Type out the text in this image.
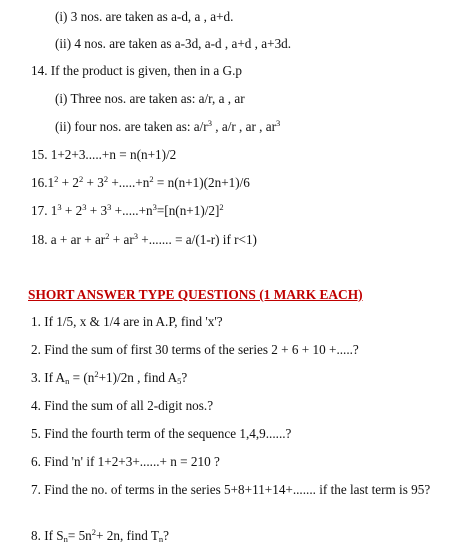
(i) 3 nos. are taken as a-d, a , a+d.
(ii) 4 nos. are taken as a-3d, a-d , a+d , a+3d.
14. If the product is given, then in a G.p
(i) Three nos. are taken as: a/r, a , ar
(ii) four nos. are taken as: $a/r^3$ , a/r , ar , $ar^3$
15. 1+2+3.....+n = n(n+1)/2
$16.1^2 + 2^2 + 3^2 +.....+n^2 = n(n+1)(2n+1)/6$
17. $1^3 + 2^3 + 3^3 +.....+n^3=[n(n+1)/2]^2$
18. a + ar + $ar^2 + ar^3$ +....... = a/(1-r) if r<1)
SHORT ANSWER TYPE QUESTIONS (1 MARK EACH)
1. If 1/5, x & 1/4 are in A.P, find 'x'?
2. Find the sum of first 30 terms of the series 2 + 6 + 10 +.....?
3. If $A_n = (n^2+1)/2n$ , find $A_5$?
4. Find the sum of all 2-digit nos.?
5. Find the fourth term of the sequence 1,4,9......?
6. Find 'n' if 1+2+3+......+ n = 210 ?
7. Find the no. of terms in the series 5+8+11+14+....... if the last term is 95?
8. If $S_n= 5n^2+ 2n$, find $T_n$?
